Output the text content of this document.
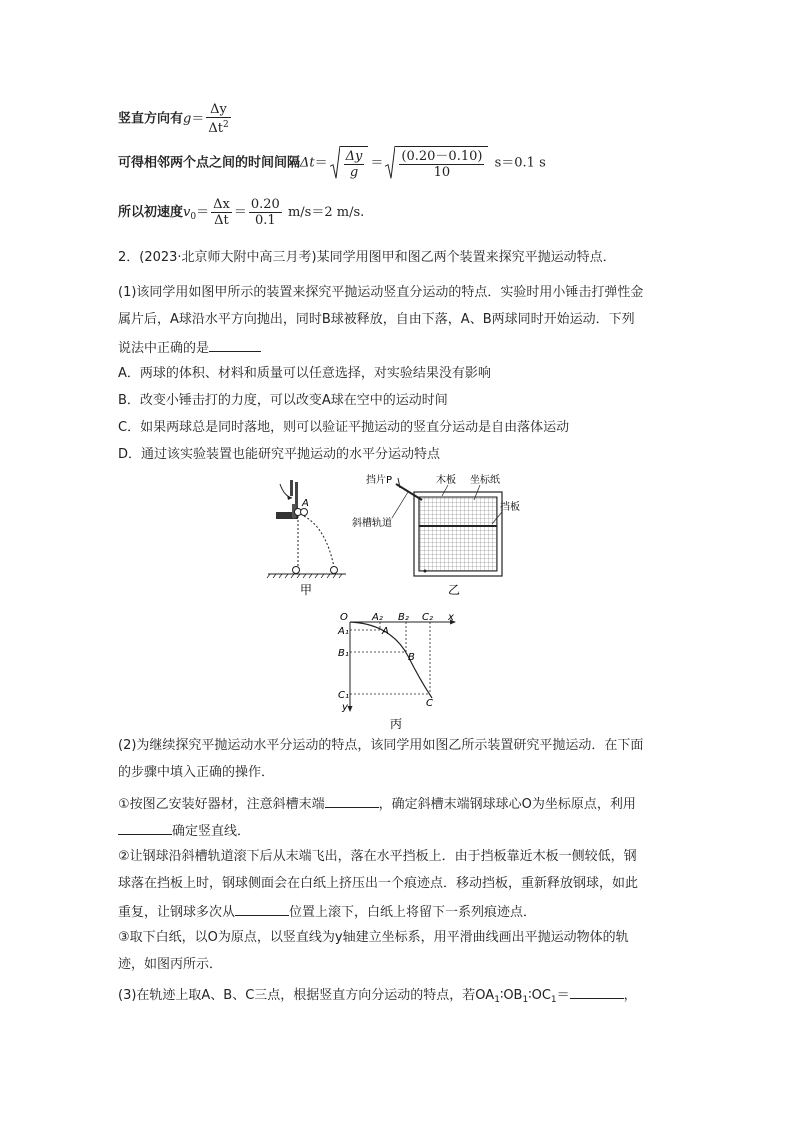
竖直方向有$g= \frac{\Delta y}{\Delta t^2}$
可得相邻两个点之间的时间间隔$\Delta t= \frac{\Delta y}{g} = \frac{(0.20-0.10)}{10} s=0.1$ s
所以初速度$v_0= \frac{\Delta x}{\Delta t} = \frac{0.20}{0.1} m/s=2$ m/s.
2．(2023·北京师大附中高三月考)某同学用图甲和图乙两个装置来探究平抛运动特点．
(1)该同学用如图甲所示的装置来探究平抛运动竖直分运动的特点．实验时用小锤击打弹性金
属片后，A球沿水平方向抛出，同时B球被释放，自由下落，A、B两球同时开始运动．下列
说法中正确的是
A．两球的体积、材料和质量可以任意选择，对实验结果没有影响
B．改变小锤击打的力度，可以改变A球在空中的运动时间
C．如果两球总是同时落地，则可以验证平抛运动的竖直分运动是自由落体运动
D．通过该实验装置也能研究平抛运动的水平分运动特点
A
甲
挡片P	木板 坐标纸
挡板
斜槽轨道
乙
O A₂ B₂ C₂ x
A₁
B₁
C₁
y
A
B
C
丙
(2)为继续探究平抛运动水平分运动的特点，该同学用如图乙所示装置研究平抛运动．在下面
的步骤中填入正确的操作．
①按图乙安装好器材，注意斜槽末端	，确定斜槽末端钢球球心O为坐标原点，利用
确定竖直线．
②让钢球沿斜槽轨道滚下后从末端飞出，落在水平挡板上．由于挡板靠近木板一侧较低，钢
球落在挡板上时，钢球侧面会在白纸上挤压出一个痕迹点．移动挡板，重新释放钢球，如此
重复，让钢球多次从	位置上滚下，白纸上将留下一系列痕迹点．
③取下白纸，以O为原点，以竖直线为y轴建立坐标系，用平滑曲线画出平抛运动物体的轨
迹，如图丙所示．
(3)在轨迹上取A、B、C三点，根据竖直方向分运动的特点，若$OA_1∶OB_1∶OC_1=$	，
